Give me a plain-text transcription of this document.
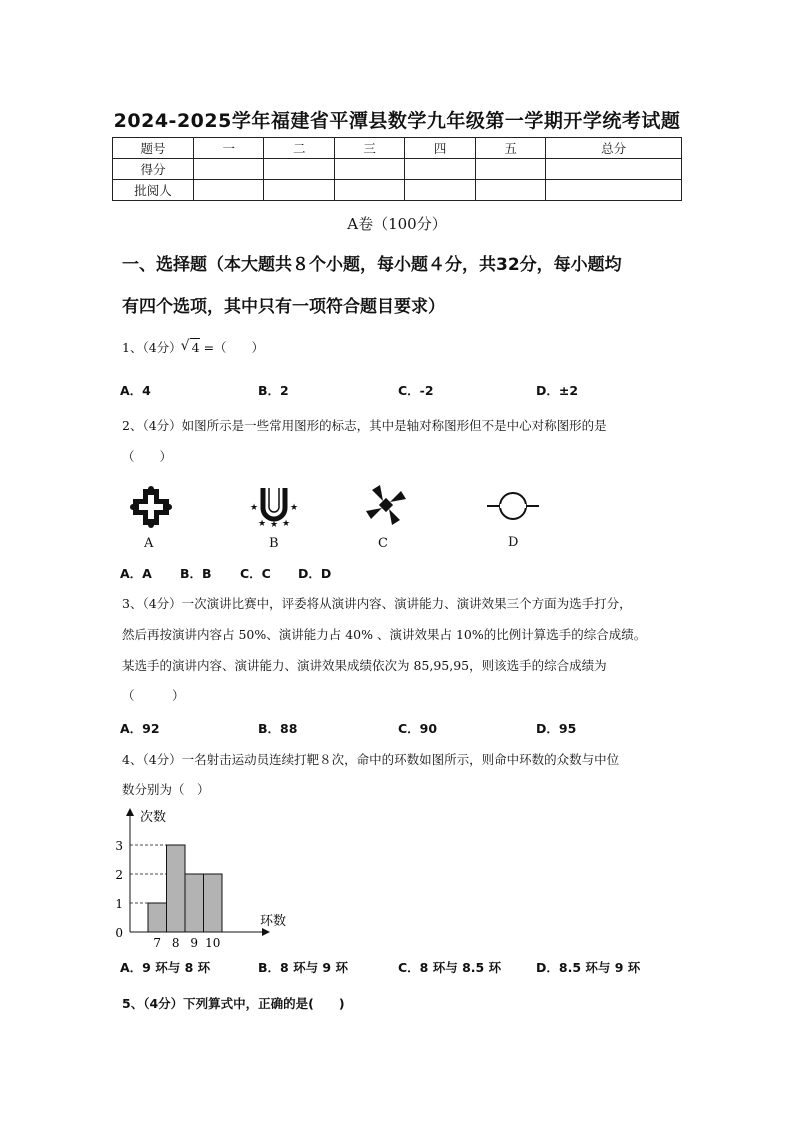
2024-2025学年福建省平潭县数学九年级第一学期开学统考试题
题号	一	二	三	四	五	总分
得分						
批阅人						
A卷（100分）
一、选择题（本大题共８个小题，每小题４分，共32分，每小题均
有四个选项，其中只有一项符合题目要求）
1、（4分） √ 4 =（　　）
A．4	B．2	C．-2	D．±2
2、（4分）如图所示是一些常用图形的标志，其中是轴对称图形但不是中心对称图形的是
（　　）
★	★
★ ★ ★
A	B	C	D
A．A B．B C．C D．D
3、（4分）一次演讲比赛中，评委将从演讲内容、演讲能力、演讲效果三个方面为选手打分，
然后再按演讲内容占 50%、演讲能力占 40% 、演讲效果占 10%的比例计算选手的综合成绩。
某选手的演讲内容、演讲能力、演讲效果成绩依次为 85,95,95，则该选手的综合成绩为
（　　　）
A．92	B．88	C．90	D．95
4、（4分）一名射击运动员连续打靶８次，命中的环数如图所示，则命中环数的众数与中位
数分别为（　）
0
1
2
3
7 8 9 10
次数
环数
A．9 环与 8 环	B．8 环与 9 环	C．8 环与 8.5 环	D．8.5 环与 9 环
5、（4分）下列算式中，正确的是(　　)
